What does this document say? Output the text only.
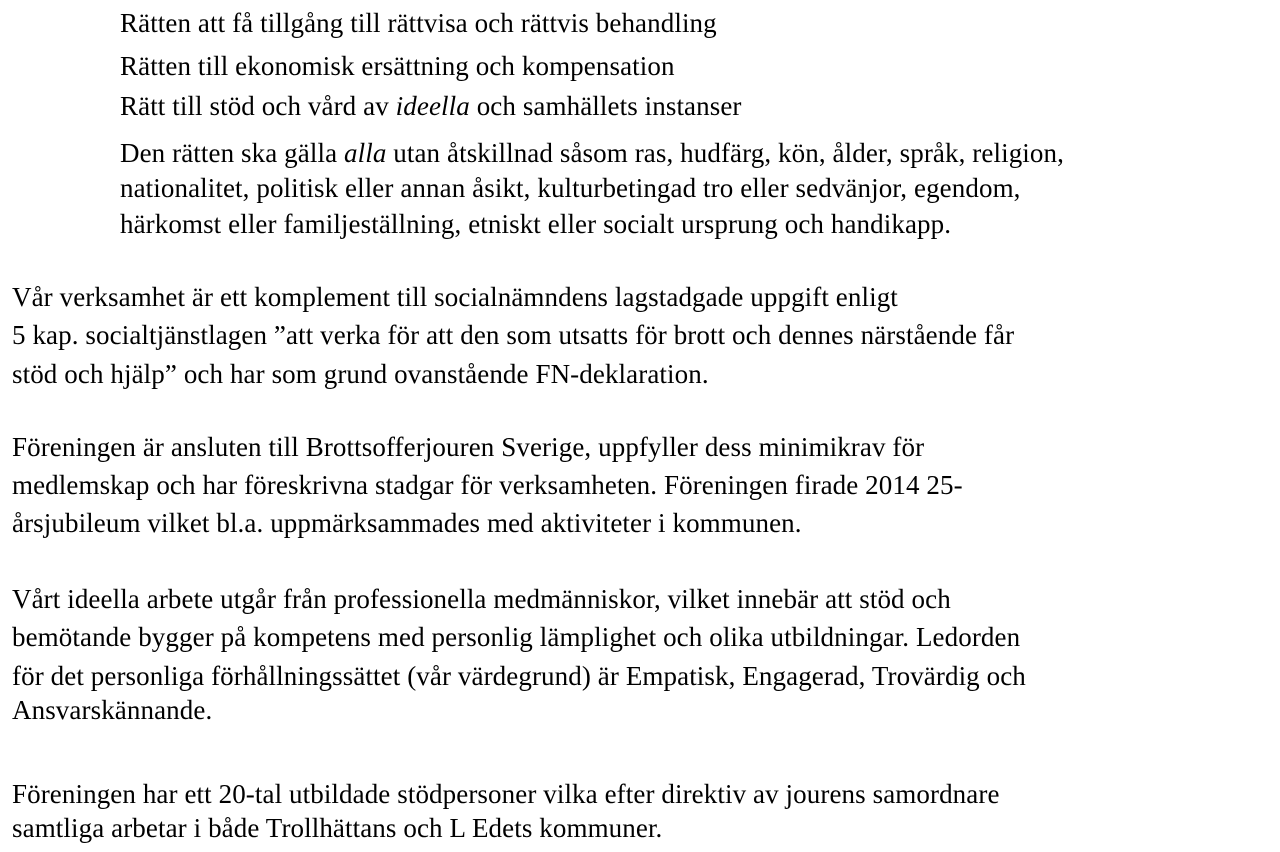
Rätten att få tillgång till rättvisa och rättvis behandling
Rätten till ekonomisk ersättning och kompensation
Rätt till stöd och vård av ideella och samhällets instanser
Den rätten ska gälla alla utan åtskillnad såsom ras, hudfärg, kön, ålder, språk, religion,
nationalitet, politisk eller annan åsikt, kulturbetingad tro eller sedvänjor, egendom,
härkomst eller familjeställning, etniskt eller socialt ursprung och handikapp.
Vår verksamhet är ett komplement till socialnämndens lagstadgade uppgift enligt
5 kap. socialtjänstlagen ”att verka för att den som utsatts för brott och dennes närstående får
stöd och hjälp” och har som grund ovanstående FN-deklaration.
Föreningen är ansluten till Brottsofferjouren Sverige, uppfyller dess minimikrav för
medlemskap och har föreskrivna stadgar för verksamheten. Föreningen firade 2014 25-
årsjubileum vilket bl.a. uppmärksammades med aktiviteter i kommunen.
Vårt ideella arbete utgår från professionella medmänniskor, vilket innebär att stöd och
bemötande bygger på kompetens med personlig lämplighet och olika utbildningar. Ledorden
för det personliga förhållningssättet (vår värdegrund) är Empatisk, Engagerad, Trovärdig och
Ansvarskännande.
Föreningen har ett 20-tal utbildade stödpersoner vilka efter direktiv av jourens samordnare
samtliga arbetar i både Trollhättans och L Edets kommuner.
